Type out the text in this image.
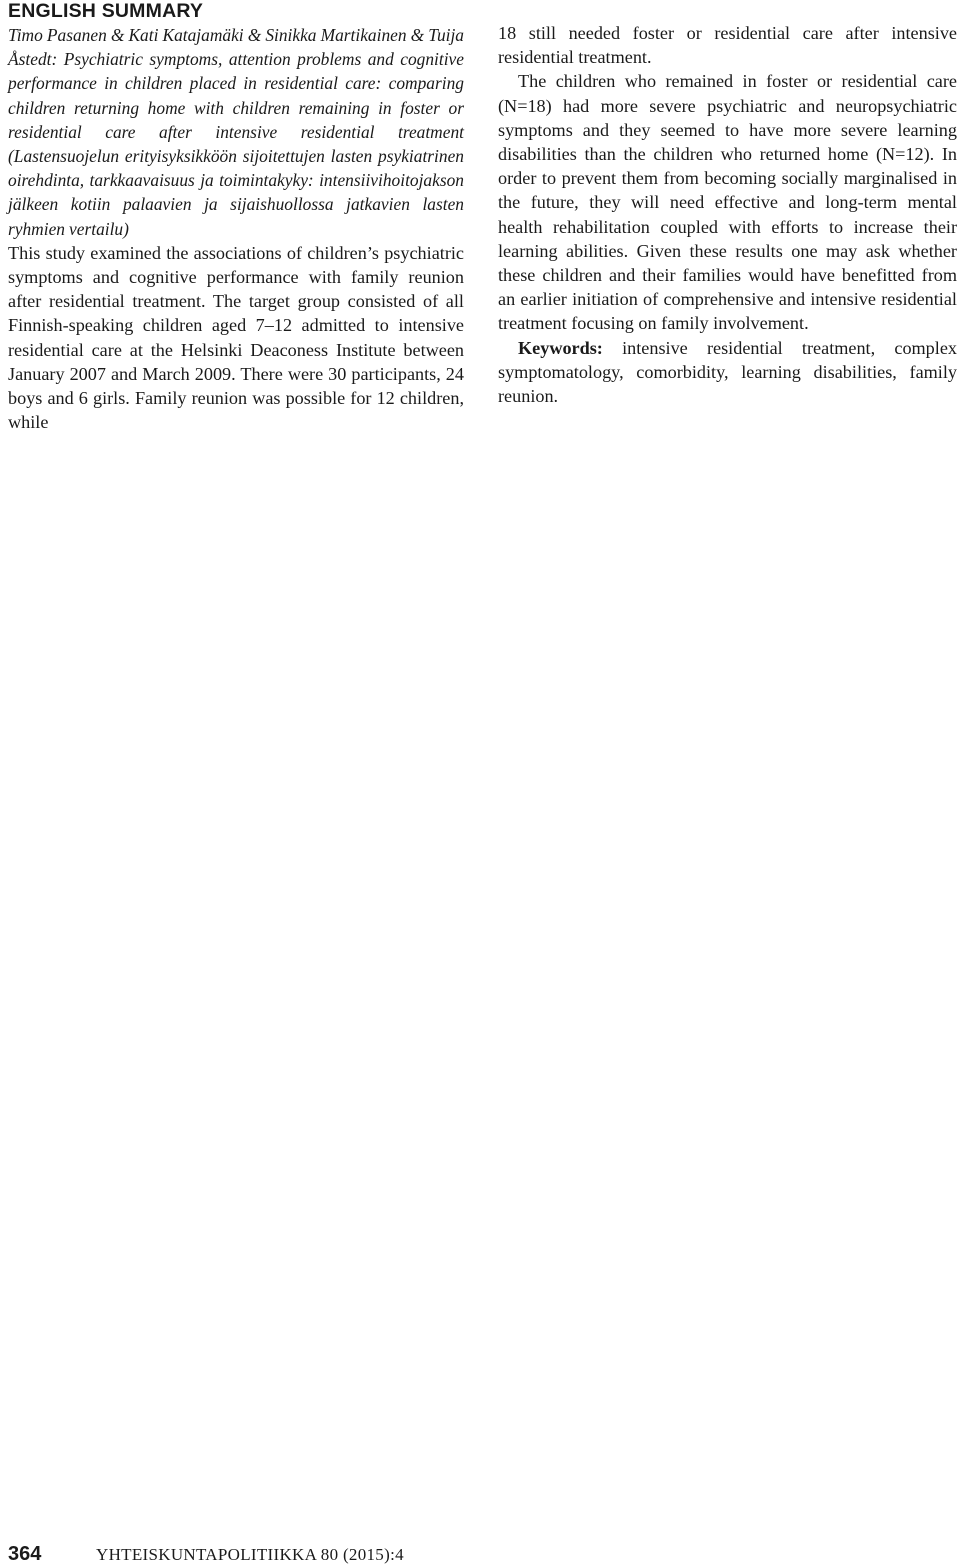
ENGLISH SUMMARY

Timo Pasanen & Kati Katajamäki & Sinikka Martikainen & Tuija Åstedt: Psychiatric symptoms, attention problems and cognitive performance in children placed in residential care: comparing children returning home with children remaining in foster or residential care after intensive residential treatment (Lastensuojelun erityisyksikköön sijoitettujen lasten psykiatrinen oirehdinta, tarkkaavaisuus ja toimintakyky: intensiivihoitojakson jälkeen kotiin palaavien ja sijaishuollossa jatkavien lasten ryhmien vertailu)

This study examined the associations of children’s psychiatric symptoms and cognitive performance with family reunion after residential treatment. The target group consisted of all Finnish-speaking children aged 7–12 admitted to intensive residential care at the Helsinki Deaconess Institute between January 2007 and March 2009. There were 30 participants, 24 boys and 6 girls. Family reunion was possible for 12 children, while

18 still needed foster or residential care after intensive residential treatment.

The children who remained in foster or residential care (N=18) had more severe psychiatric and neuropsychiatric symptoms and they seemed to have more severe learning disabilities than the children who returned home (N=12). In order to prevent them from becoming socially marginalised in the future, they will need effective and long-term mental health rehabilitation coupled with efforts to increase their learning abilities. Given these results one may ask whether these children and their families would have benefitted from an earlier initiation of comprehensive and intensive residential treatment focusing on family involvement.

Keywords: intensive residential treatment, complex symptomatology, comorbidity, learning disabilities, family reunion.

364	YHTEISKUNTAPOLITIIKKA 80 (2015):4
